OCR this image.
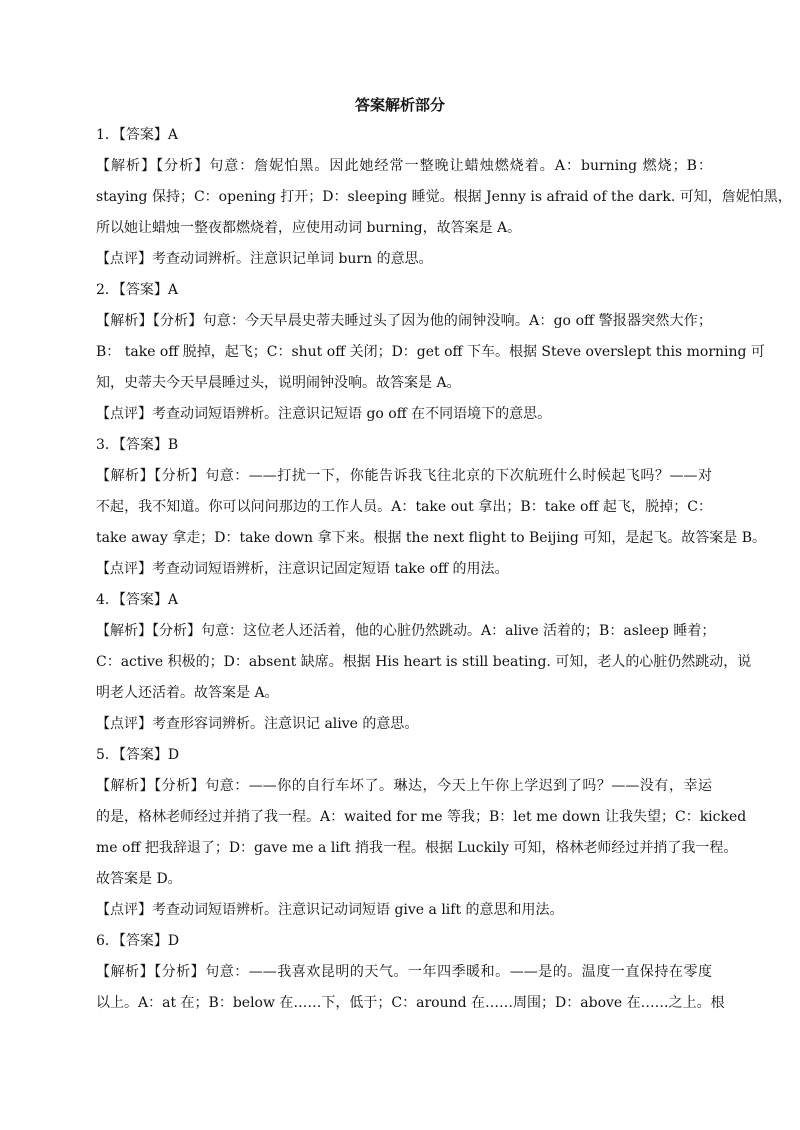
答案解析部分
1．【答案】A
【解析】【分析】句意：詹妮怕黑。因此她经常一整晚让蜡烛燃烧着。A：burning 燃烧；B：
staying 保持；C：opening 打开；D：sleeping 睡觉。根据 Jenny is afraid of the dark. 可知，詹妮怕黑，
所以她让蜡烛一整夜都燃烧着，应使用动词 burning，故答案是 A。
【点评】考查动词辨析。注意识记单词 burn 的意思。
2．【答案】A
【解析】【分析】句意：今天早晨史蒂夫睡过头了因为他的闹钟没响。A：go off 警报器突然大作；
B： take off 脱掉，起飞；C：shut off 关闭；D：get off 下车。根据 Steve overslept this morning 可
知，史蒂夫今天早晨睡过头，说明闹钟没响。故答案是 A。
【点评】考查动词短语辨析。注意识记短语 go off 在不同语境下的意思。
3．【答案】B
【解析】【分析】句意：——打扰一下，你能告诉我飞往北京的下次航班什么时候起飞吗？——对
不起，我不知道。你可以问问那边的工作人员。A：take out 拿出；B：take off 起飞，脱掉；C：
take away 拿走；D：take down 拿下来。根据 the next flight to Beijing 可知，是起飞。故答案是 B。
【点评】考查动词短语辨析，注意识记固定短语 take off 的用法。
4．【答案】A
【解析】【分析】句意：这位老人还活着，他的心脏仍然跳动。A：alive 活着的；B：asleep 睡着；
C：active 积极的；D：absent 缺席。根据 His heart is still beating. 可知，老人的心脏仍然跳动，说
明老人还活着。故答案是 A。
【点评】考查形容词辨析。注意识记 alive 的意思。
5．【答案】D
【解析】【分析】句意：——你的自行车坏了。琳达，今天上午你上学迟到了吗？——没有，幸运
的是，格林老师经过并捎了我一程。A：waited for me 等我；B：let me down 让我失望；C：kicked
me off 把我辞退了；D：gave me a lift 捎我一程。根据 Luckily 可知，格林老师经过并捎了我一程。
故答案是 D。
【点评】考查动词短语辨析。注意识记动词短语 give a lift 的意思和用法。
6．【答案】D
【解析】【分析】句意：——我喜欢昆明的天气。一年四季暖和。——是的。温度一直保持在零度
以上。A：at 在；B：below 在……下，低于；C：around 在……周围；D：above 在……之上。根
